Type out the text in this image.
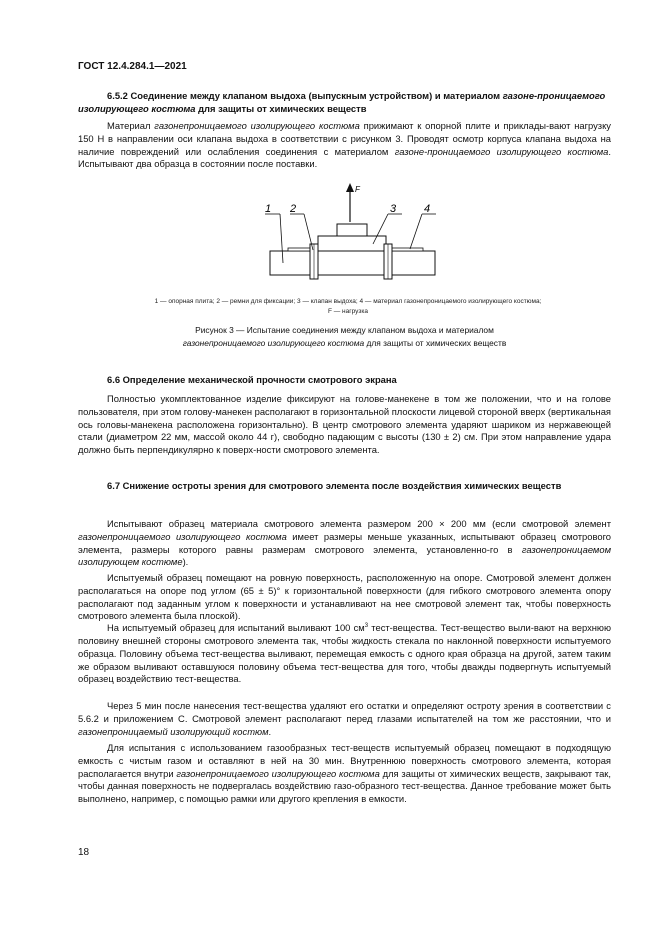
ГОСТ 12.4.284.1—2021
6.5.2 Соединение между клапаном выдоха (выпускным устройством) и материалом газоне-проницаемого изолирующего костюма для защиты от химических веществ
Материал газонепроницаемого изолирующего костюма прижимают к опорной плите и приклады-вают нагрузку 150 Н в направлении оси клапана выдоха в соответствии с рисунком 3. Проводят осмотр корпуса клапана выдоха на наличие повреждений или ослабления соединения с материалом газоне-проницаемого изолирующего костюма. Испытывают два образца в состоянии после поставки.
F
1 2	3	4
1 — опорная плита; 2 — ремни для фиксации; 3 — клапан выдоха; 4 — материал газонепроницаемого изолирующего костюма;
F — нагрузка
Рисунок 3 — Испытание соединения между клапаном выдоха и материалом
газонепроницаемого изолирующего костюма для защиты от химических веществ
6.6 Определение механической прочности смотрового экрана
Полностью укомплектованное изделие фиксируют на голове-манекене в том же положении, что и на голове пользователя, при этом голову-манекен располагают в горизонтальной плоскости лицевой стороной вверх (вертикальная ось головы-манекена расположена горизонтально). В центр смотрового элемента ударяют шариком из нержавеющей стали (диаметром 22 мм, массой около 44 г), свободно падающим с высоты (130 ± 2) см. При этом направление удара должно быть перпендикулярно к поверх-ности смотрового элемента.
6.7 Снижение остроты зрения для смотрового элемента после воздействия химических веществ
Испытывают образец материала смотрового элемента размером 200 × 200 мм (если смотровой элемент газонепроницаемого изолирующего костюма имеет размеры меньше указанных, испытывают образец смотрового элемента, размеры которого равны размерам смотрового элемента, установленно-го в газонепроницаемом изолирующем костюме).
Испытуемый образец помещают на ровную поверхность, расположенную на опоре. Смотровой элемент должен располагаться на опоре под углом (65 ± 5)° к горизонтальной поверхности (для гибкого смотрового элемента опору располагают под заданным углом к поверхности и устанавливают на нее смотровой элемент так, чтобы поверхность смотрового элемента была плоской).
На испытуемый образец для испытаний выливают 100 $см^3$ тест-вещества. Тест-вещество выли-вают на верхнюю половину внешней стороны смотрового элемента так, чтобы жидкость стекала по наклонной поверхности испытуемого образца. Половину объема тест-вещества выливают, перемещая емкость с одного края образца на другой, затем таким же образом выливают оставшуюся половину объема тест-вещества для того, чтобы дважды подвергнуть испытуемый образец воздействию тест-вещества.
Через 5 мин после нанесения тест-вещества удаляют его остатки и определяют остроту зрения в соответствии с 5.6.2 и приложением С. Смотровой элемент располагают перед глазами испытателей на том же расстоянии, что и газонепроницаемый изолирующий костюм.
Для испытания с использованием газообразных тест-веществ испытуемый образец помещают в подходящую емкость с чистым газом и оставляют в ней на 30 мин. Внутреннюю поверхность смотрового элемента, которая располагается внутри газонепроницаемого изолирующего костюма для защиты от химических веществ, закрывают так, чтобы данная поверхность не подвергалась воздействию газо-образного тест-вещества. Данное требование может быть выполнено, например, с помощью рамки или другого крепления в емкости.
18
